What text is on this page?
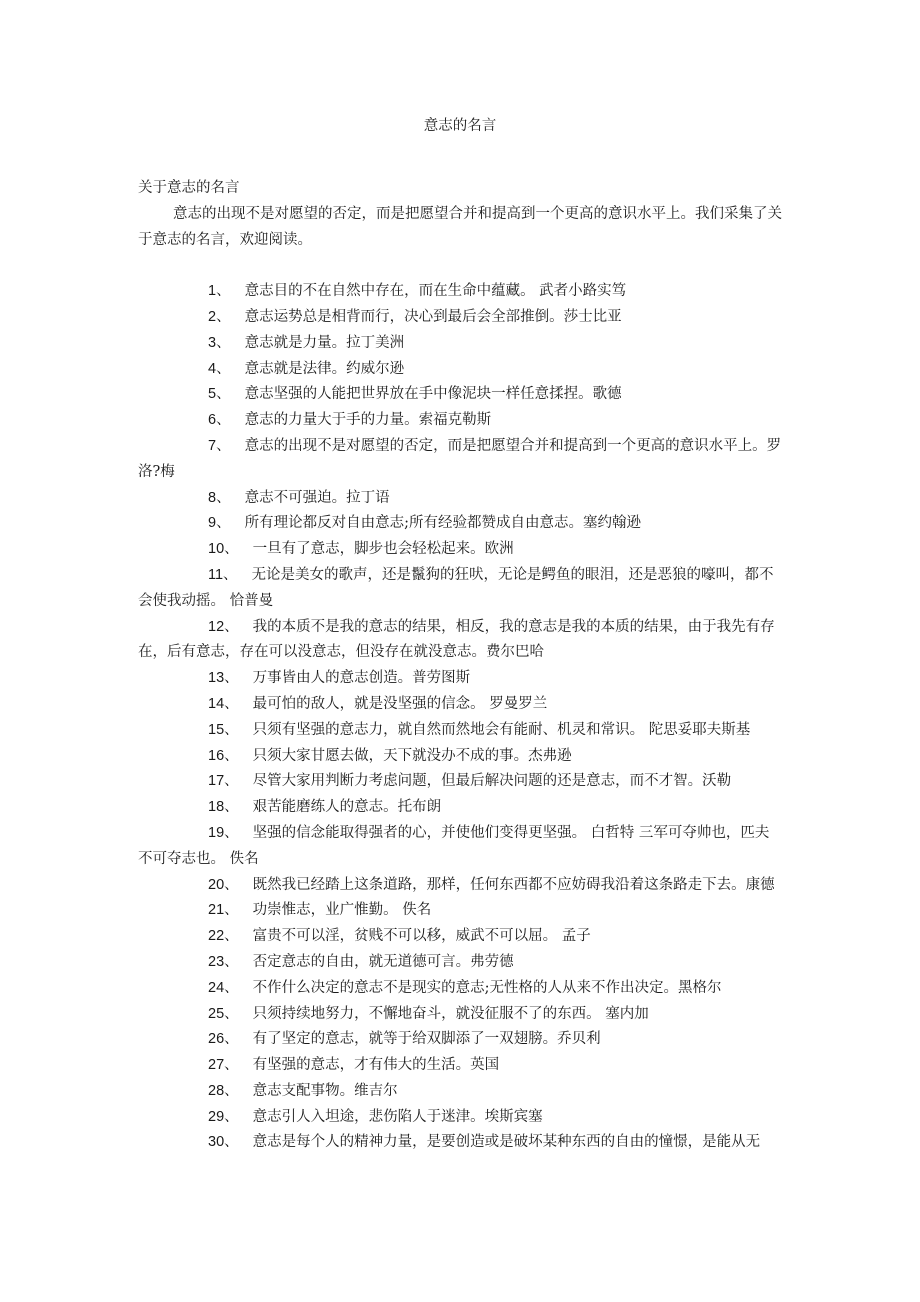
意志的名言

关于意志的名言

意志的出现不是对愿望的否定，而是把愿望合并和提高到一个更高的意识水平上。我们采集了关于意志的名言，欢迎阅读。

1、 意志目的不在自然中存在，而在生命中蕴藏。 武者小路实笃

2、 意志运势总是相背而行，决心到最后会全部推倒。莎士比亚

3、 意志就是力量。拉丁美洲

4、 意志就是法律。约威尔逊

5、 意志坚强的人能把世界放在手中像泥块一样任意揉捏。歌德

6、 意志的力量大于手的力量。索福克勒斯

7、 意志的出现不是对愿望的否定，而是把愿望合并和提高到一个更高的意识水平上。罗洛?梅

8、 意志不可强迫。拉丁语

9、 所有理论都反对自由意志;所有经验都赞成自由意志。塞约翰逊

10、 一旦有了意志，脚步也会轻松起来。欧洲

11、 无论是美女的歌声，还是鬣狗的狂吠，无论是鳄鱼的眼泪，还是恶狼的嚎叫，都不会使我动摇。 恰普曼

12、 我的本质不是我的意志的结果，相反，我的意志是我的本质的结果，由于我先有存在，后有意志，存在可以没意志，但没存在就没意志。费尔巴哈

13、 万事皆由人的意志创造。普劳图斯

14、 最可怕的敌人，就是没坚强的信念。 罗曼罗兰

15、 只须有坚强的意志力，就自然而然地会有能耐、机灵和常识。 陀思妥耶夫斯基

16、 只须大家甘愿去做，天下就没办不成的事。杰弗逊

17、 尽管大家用判断力考虑问题，但最后解决问题的还是意志，而不才智。沃勒

18、 艰苦能磨练人的意志。托布朗

19、 坚强的信念能取得强者的心，并使他们变得更坚强。 白哲特 三军可夺帅也，匹夫不可夺志也。 佚名

20、 既然我已经踏上这条道路，那样，任何东西都不应妨碍我沿着这条路走下去。康德

21、 功崇惟志，业广惟勤。 佚名

22、 富贵不可以淫，贫贱不可以移，威武不可以屈。 孟子

23、 否定意志的自由，就无道德可言。弗劳德

24、 不作什么决定的意志不是现实的意志;无性格的人从来不作出决定。黑格尔

25、 只须持续地努力，不懈地奋斗，就没征服不了的东西。 塞内加

26、 有了坚定的意志，就等于给双脚添了一双翅膀。乔贝利

27、 有坚强的意志，才有伟大的生活。英国

28、 意志支配事物。维吉尔

29、 意志引人入坦途，悲伤陷人于迷津。埃斯宾塞

30、 意志是每个人的精神力量，是要创造或是破坏某种东西的自由的憧憬，是能从无
